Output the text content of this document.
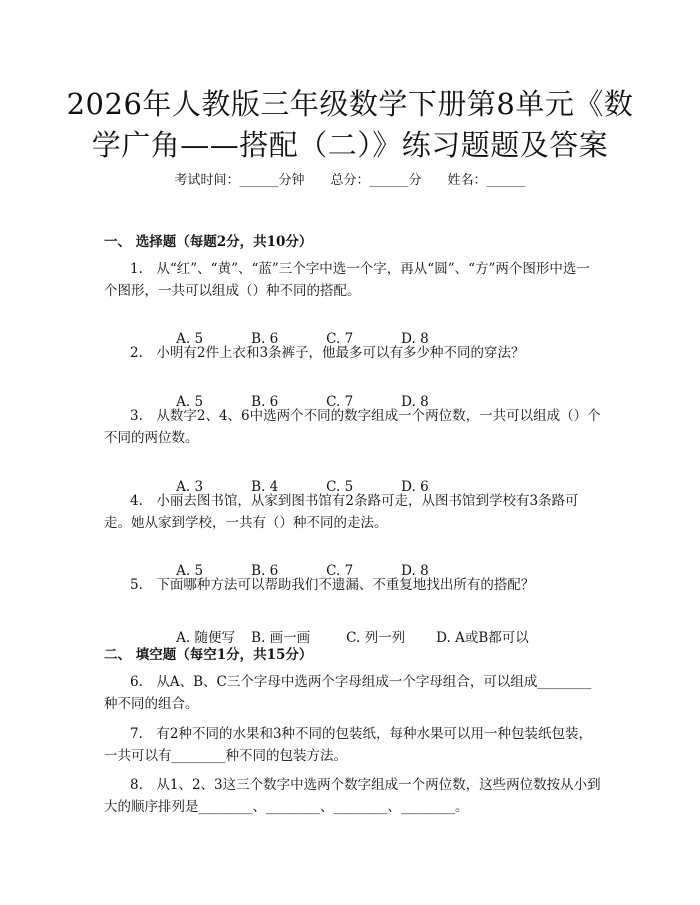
2026年人教版三年级数学下册第8单元《数学广角——搭配（二）》练习题题及答案
考试时间：______分钟　　总分：______分　　姓名：______
一、 选择题（每题2分，共10分）
1.　从“红”、“黄”、“蓝”三个字中选一个字，再从“圆”、“方”两个图形中选一个图形，一共可以组成（）种不同的搭配。

A. 5	B. 6	C. 7	D. 8

2.　小明有2件上衣和3条裤子，他最多可以有多少种不同的穿法？

A. 5	B. 6	C. 7	D. 8

3.　从数字2、4、6中选两个不同的数字组成一个两位数，一共可以组成（）个不同的两位数。

A. 3	B. 4	C. 5	D. 6

4.　小丽去图书馆，从家到图书馆有2条路可走，从图书馆到学校有3条路可走。她从家到学校，一共有（）种不同的走法。

A. 5	B. 6	C. 7	D. 8

5.　下面哪种方法可以帮助我们不遗漏、不重复地找出所有的搭配？

A. 随便写 B. 画一画	C. 列一列 D. A或B都可以

二、 填空题（每空1分，共15分）
6.　从A、B、C三个字母中选两个字母组成一个字母组合，可以组成________种不同的组合。
7.　有2种不同的水果和3种不同的包装纸，每种水果可以用一种包装纸包装，一共可以有________种不同的包装方法。
8.　从1、2、3这三个数字中选两个数字组成一个两位数，这些两位数按从小到大的顺序排列是________、________、________、________。
